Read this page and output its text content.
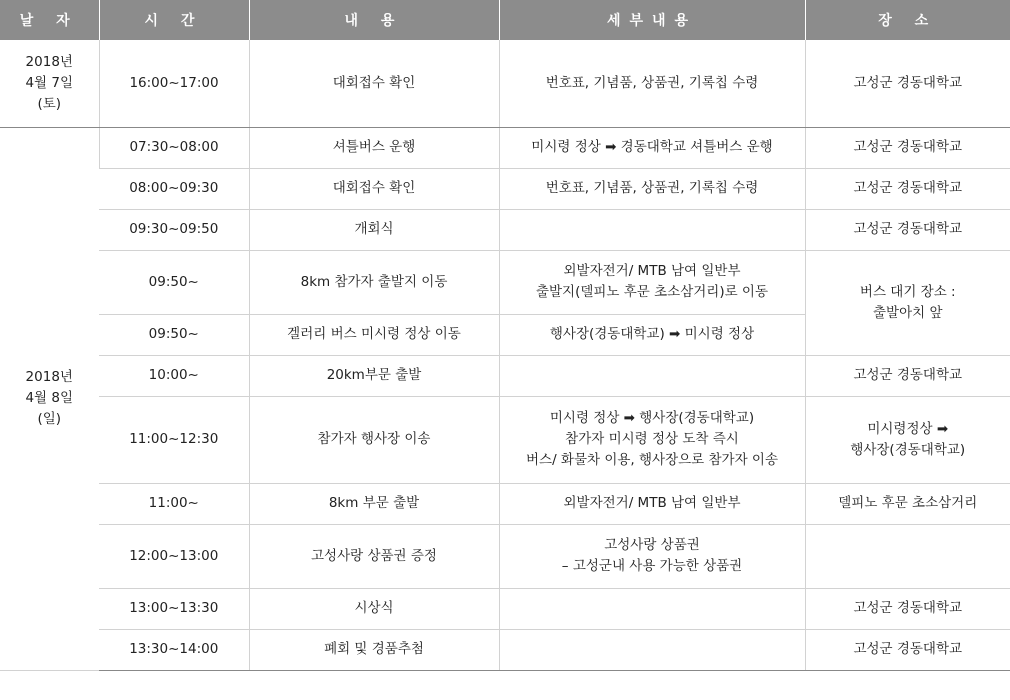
날 자	시 간	내 용	세부내용	장 소
2018년
4월 7일
(토)	16:00~17:00	대회접수 확인	번호표, 기념품, 상품권, 기록칩 수령	고성군 경동대학교
2018년
4월 8일
(일)	07:30~08:00	셔틀버스 운행	미시령 정상 ➡ 경동대학교 셔틀버스 운행	고성군 경동대학교
	08:00~09:30	대회접수 확인	번호표, 기념품, 상품권, 기록칩 수령	고성군 경동대학교
	09:30~09:50	개회식		고성군 경동대학교
	09:50~	8km 참가자 출발지 이동	외발자전거/ MTB 남여 일반부
출발지(델피노 후문 초소삼거리)로 이동	버스 대기 장소 :
출발아치 앞
	09:50~	겔러리 버스 미시령 정상 이동	행사장(경동대학교) ➡ 미시령 정상	
	10:00~	20km부문 출발		고성군 경동대학교
	11:00~12:30	참가자 행사장 이송	미시령 정상 ➡ 행사장(경동대학교)
참가자 미시령 정상 도착 즉시
버스/ 화물차 이용, 행사장으로 참가자 이송	미시령정상 ➡
행사장(경동대학교)
	11:00~	8km 부문 출발	외발자전거/ MTB 남여 일반부	델피노 후문 초소삼거리
	12:00~13:00	고성사랑 상품권 증정	고성사랑 상품권
– 고성군내 사용 가능한 상품권	
	13:00~13:30	시상식		고성군 경동대학교
	13:30~14:00	폐회 및 경품추첨		고성군 경동대학교
